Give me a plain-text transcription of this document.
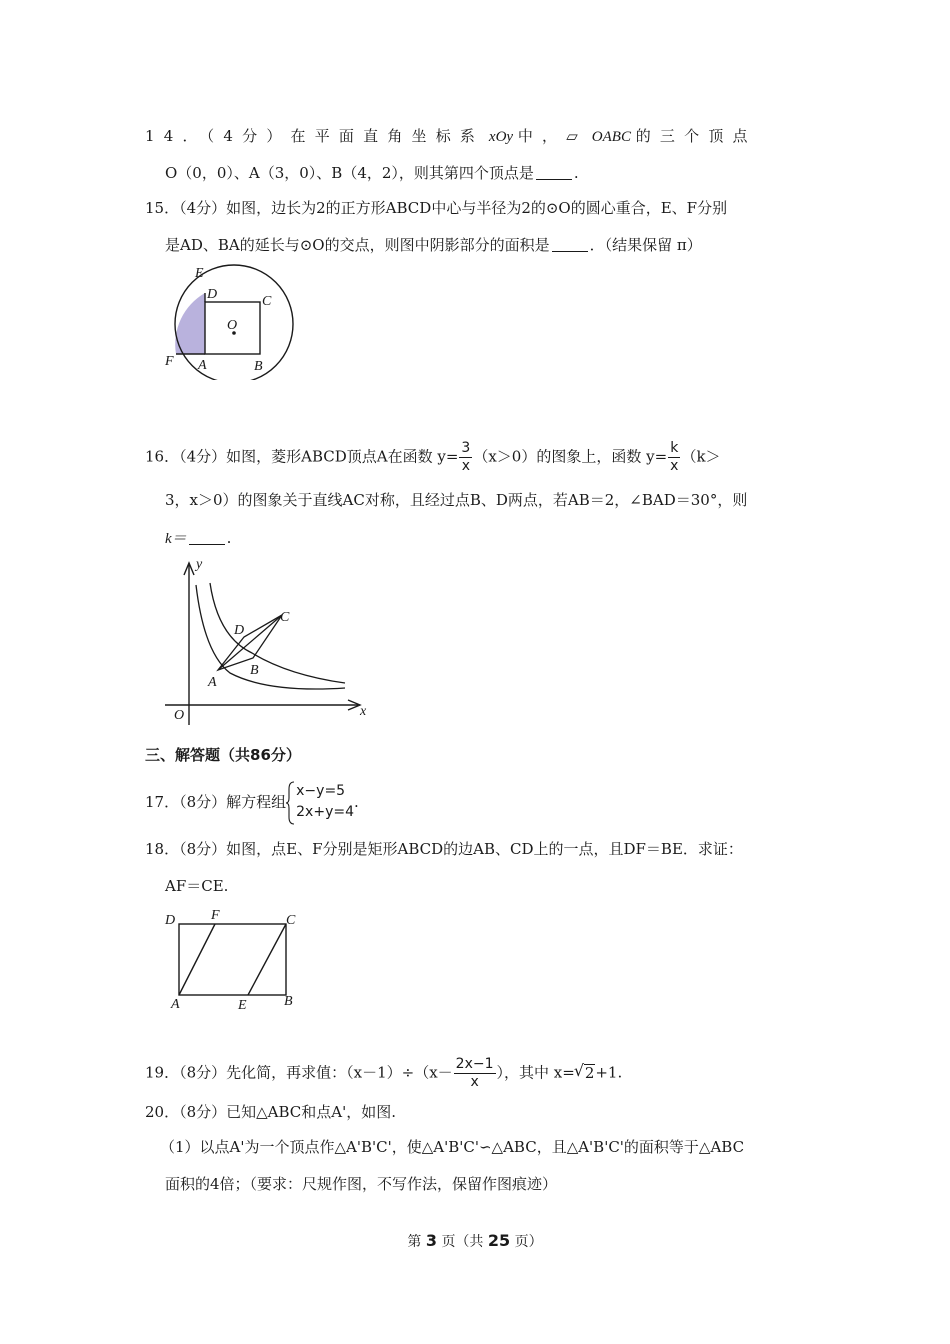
14．（4分）在平面直角坐标系 xOy 中，▱ OABC 的三个顶点
O（0，0）、A（3，0）、B（4，2），则其第四个顶点是	.
15．（4分）如图，边长为2的正方形ABCD中心与半径为2的⊙O的圆心重合，E、F分别
是AD、BA的延长与⊙O的交点，则图中阴影部分的面积是	．（结果保留 π）
E
D	C
O
F A	B
16．（4分）如图，菱形ABCD顶点A在函数 $y= \frac{3}{x} (x>0)$的图象上，函数 $y= \frac{k}{x} (k>$
3，x＞0）的图象关于直线AC对称，且经过点B、D两点，若AB＝2，∠BAD＝30°，则
k＝	.
y
x
O
A
B
C
D
三、解答题（共86分）
17．（8分）解方程组
x−y=5
2x+y=4
.
18．（8分）如图，点E、F分别是矩形ABCD的边AB、CD上的一点，且DF＝BE．求证：
AF＝CE.
D	F	C
A	E	B
19．（8分）先化简，再求值：$(x-1)\div(x- \frac{2x-1}{x}$ ），其中 x=√ 2+1.
20．（8分）已知△ABC和点A'，如图.
（1）以点A'为一个顶点作△A'B'C'，使△A'B'C'∽△ABC，且△A'B'C'的面积等于△ABC
面积的4倍；（要求：尺规作图，不写作法，保留作图痕迹）
第 3 页（共 25 页）
